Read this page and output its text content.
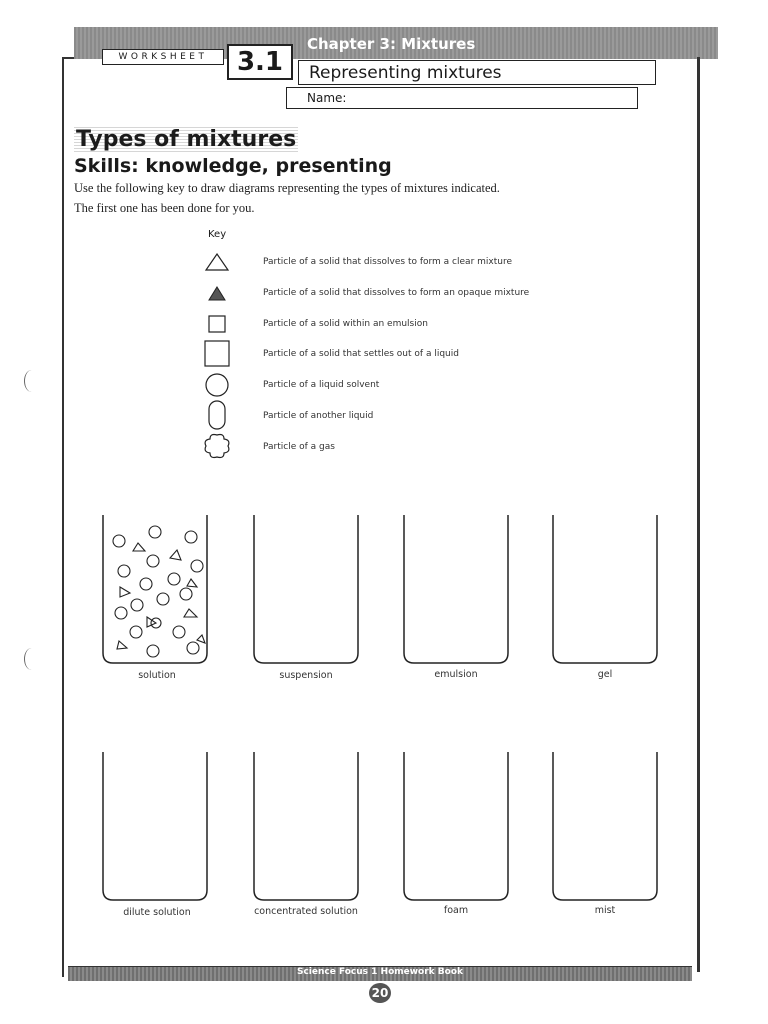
Chapter 3: Mixtures
WORKSHEET	3.1	Representing mixtures
Name:
Types of mixtures
Skills: knowledge, presenting
Use the following key to draw diagrams representing the types of mixtures indicated.
The first one has been done for you.
Key
Particle of a solid that dissolves to form a clear mixture
Particle of a solid that dissolves to form an opaque mixture
Particle of a solid within an emulsion
Particle of a solid that settles out of a liquid
Particle of a liquid solvent
Particle of another liquid
Particle of a gas
solution	suspension	emulsion	gel
dilute solution	concentrated solution	foam	mist
Science Focus 1 Homework Book
20
